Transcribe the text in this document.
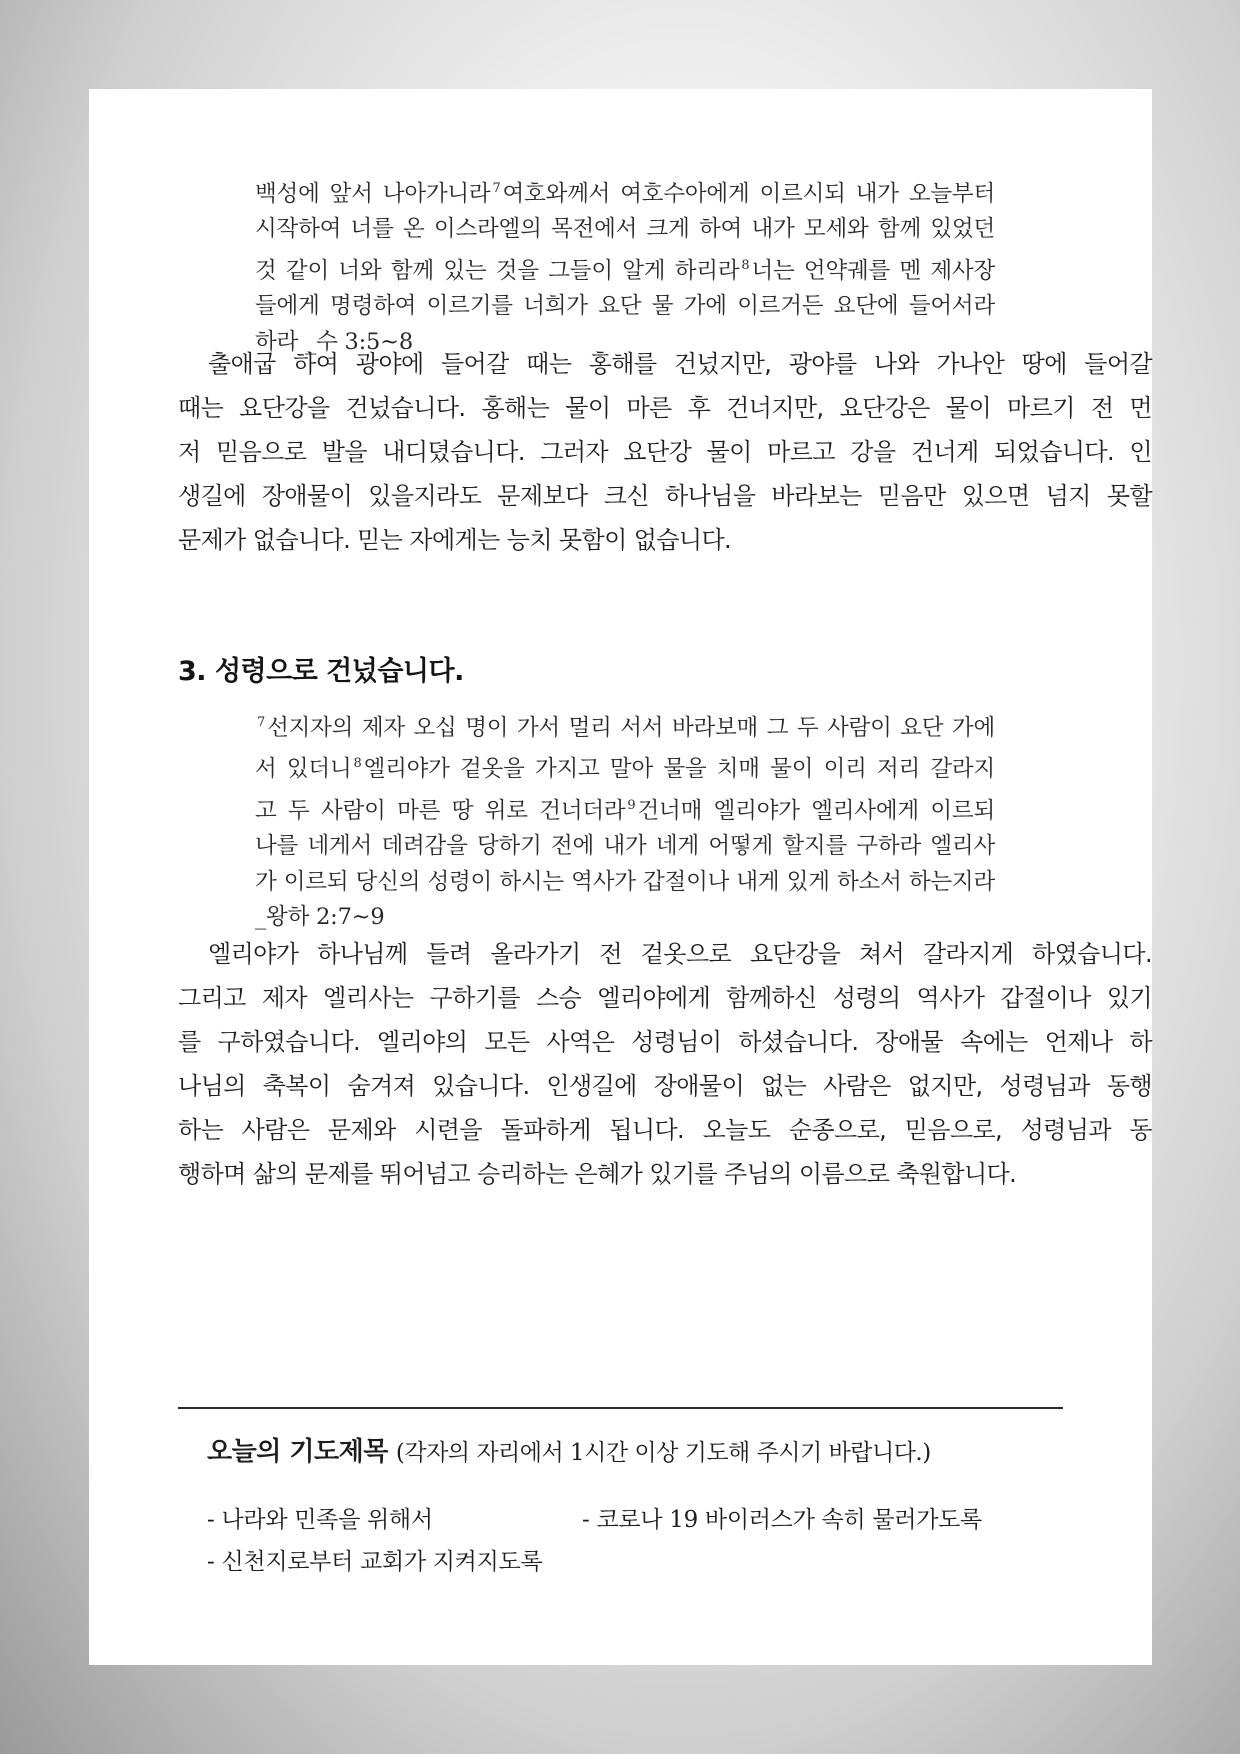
백성에 앞서 나아가니라 $^7$여호와께서 여호수아에게 이르시되 내가 오늘부터
시작하여 너를 온 이스라엘의 목전에서 크게 하여 내가 모세와 함께 있었던
것 같이 너와 함께 있는 것을 그들이 알게 하리라 $^8$너는 언약궤를 멘 제사장
들에게 명령하여 이르기를 너희가 요단 물 가에 이르거든 요단에 들어서라
하라 _수 3:5~8
출애굽 하여 광야에 들어갈 때는 홍해를 건넜지만, 광야를 나와 가나안 땅에 들어갈
때는 요단강을 건넜습니다. 홍해는 물이 마른 후 건너지만, 요단강은 물이 마르기 전 먼
저 믿음으로 발을 내디뎠습니다. 그러자 요단강 물이 마르고 강을 건너게 되었습니다. 인
생길에 장애물이 있을지라도 문제보다 크신 하나님을 바라보는 믿음만 있으면 넘지 못할
문제가 없습니다. 믿는 자에게는 능치 못함이 없습니다.
3. 성령으로 건넜습니다.
$^7$선지자의 제자 오십 명이 가서 멀리 서서 바라보매 그 두 사람이 요단 가에
서 있더니 $^8$엘리야가 겉옷을 가지고 말아 물을 치매 물이 이리 저리 갈라지
고 두 사람이 마른 땅 위로 건너더라 $^9$건너매 엘리야가 엘리사에게 이르되
나를 네게서 데려감을 당하기 전에 내가 네게 어떻게 할지를 구하라 엘리사
가 이르되 당신의 성령이 하시는 역사가 갑절이나 내게 있게 하소서 하는지라
_왕하 2:7~9
엘리야가 하나님께 들려 올라가기 전 겉옷으로 요단강을 쳐서 갈라지게 하였습니다.
그리고 제자 엘리사는 구하기를 스승 엘리야에게 함께하신 성령의 역사가 갑절이나 있기
를 구하였습니다. 엘리야의 모든 사역은 성령님이 하셨습니다. 장애물 속에는 언제나 하
나님의 축복이 숨겨져 있습니다. 인생길에 장애물이 없는 사람은 없지만, 성령님과 동행
하는 사람은 문제와 시련을 돌파하게 됩니다. 오늘도 순종으로, 믿음으로, 성령님과 동
행하며 삶의 문제를 뛰어넘고 승리하는 은혜가 있기를 주님의 이름으로 축원합니다.
오늘의 기도제목 (각자의 자리에서 1시간 이상 기도해 주시기 바랍니다.)
- 나라와 민족을 위해서	- 코로나 19 바이러스가 속히 물러가도록
- 신천지로부터 교회가 지켜지도록
